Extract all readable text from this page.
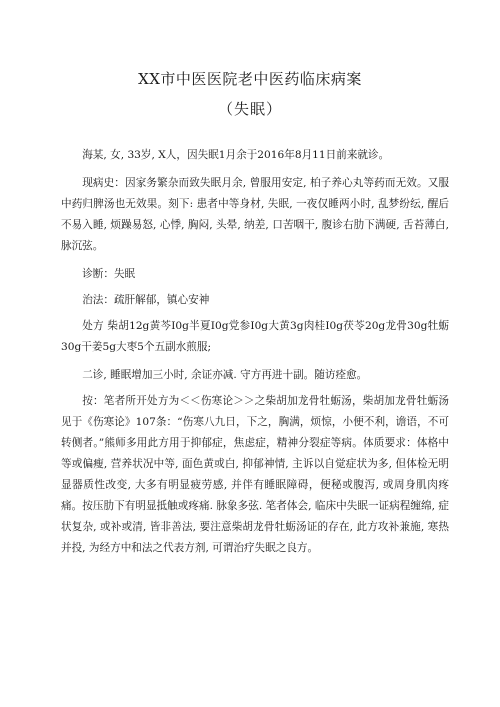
XX市中医医院老中医药临床病案
（失眠）

海某, 女, 33岁, X人，因失眠1月余于2016年8月11日前来就诊。

现病史：因家务繁杂而致失眠月余, 曾服用安定, 柏子养心丸等药而无效。又服中药归脾汤也无效果。刻下: 患者中等身材, 失眠, 一夜仅睡两小时, 乱梦纷纭, 醒后不易入睡, 烦躁易怒, 心悸, 胸闷, 头晕, 纳差, 口苦咽干, 腹诊右肋下满硬, 舌苔薄白, 脉沉弦。

诊断：失眠

治法：疏肝解郁，镇心安神

处方 柴胡12g黄芩I0g半夏I0g党参I0g大黄3g肉桂I0g茯苓20g龙骨30g牡蛎30g干姜5g大枣5个五副水煎服;

二诊, 睡眠增加三小时, 余证亦减. 守方再进十副。随访痊愈。

按：笔者所开处方为＜＜伤寒论＞＞之柴胡加龙骨牡蛎汤，柴胡加龙骨牡蛎汤见于《伤寒论》107条：“伤寒八九日，下之，胸满，烦惊，小便不利，谵语，不可转侧者。”熊师多用此方用于抑郁症，焦虑症，精神分裂症等病。体质要求：体格中等或偏瘦, 营养状况中等, 面色黄或白, 抑郁神情, 主诉以自觉症状为多, 但体检无明显器质性改变, 大多有明显疲劳感, 并伴有睡眠障碍，便秘或腹泻, 或周身肌肉疼痛。按压肋下有明显抵触或疼痛. 脉象多弦. 笔者体会, 临床中失眠一证病程缠绵, 症状复杂, 或补或清, 皆非善法, 要注意柴胡龙骨牡蛎汤证的存在, 此方攻补兼施, 寒热并投, 为经方中和法之代表方剂, 可谓治疗失眠之良方。
